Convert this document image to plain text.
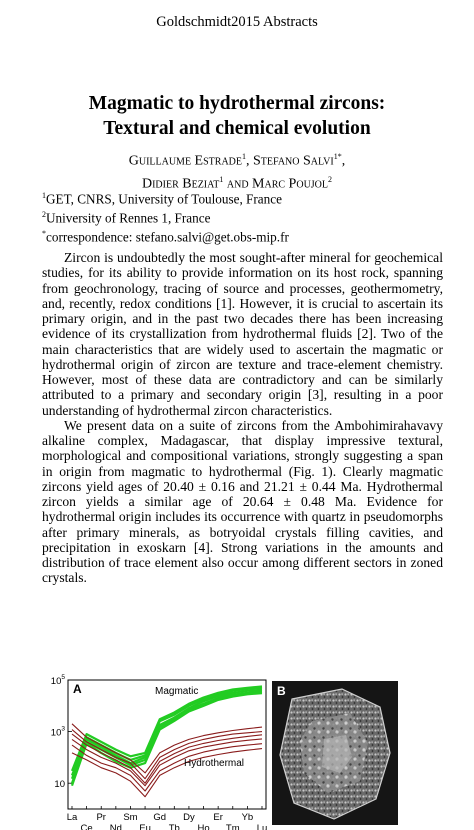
Goldschmidt2015 Abstracts
Magmatic to hydrothermal zircons:
Textural and chemical evolution
Guillaume Estrade$^1$, Stefano Salvi$^{1*}$,
Didier Beziat$^1$ and Marc Poujol$^2$
$^1$GET, CNRS, University of Toulouse, France
$^2$University of Rennes 1, France
*correspondence: stefano.salvi@get.obs-mip.fr

Zircon is undoubtedly the most sought-after mineral for geochemical studies, for its ability to provide information on its host rock, spanning from geochronology, tracing of source and processes, geothermometry, and, recently, redox conditions [1]. However, it is crucial to ascertain its primary origin, and in the past two decades there has been increasing evidence of its crystallization from hydrothermal fluids [2]. Two of the main characteristics that are widely used to ascertain the magmatic or hydrothermal origin of zircon are texture and trace-element chemistry. However, most of these data are contradictory and can be similarly attributed to a primary and secondary origin [3], resulting in a poor understanding of hydrothermal zircon characteristics.

We present data on a suite of zircons from the Ambohimirahavavy alkaline complex, Madagascar, that display impressive textural, morphological and compositional variations, strongly suggesting a span in origin from magmatic to hydrothermal (Fig. 1). Clearly magmatic zircons yield ages of 20.40 ± 0.16 and 21.21 ± 0.44 Ma. Hydrothermal zircon yields a similar age of 20.64 ± 0.48 Ma. Evidence for hydrothermal origin includes its occurrence with quartz in pseudomorphs after primary minerals, as botryoidal crystals filling cavities, and precipitation in exoskarn [4]. Strong variations in the amounts and distribution of trace element also occur among different sectors in zoned crystals.

$10^5$
$10^3$
10
La
Ce
Pr
Nd
Sm
Eu
Gd
Tb
Dy
Ho
Er
Tm
Yb
Lu
A	Magmatic
Hydrothermal
B
